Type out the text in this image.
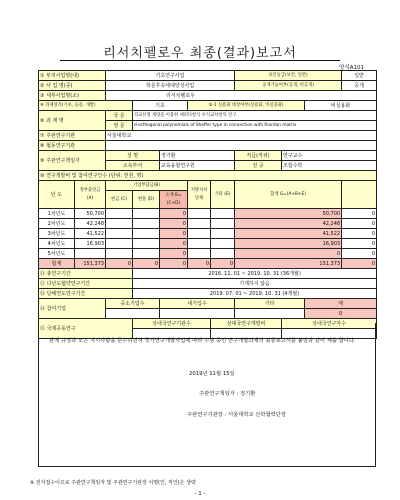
리서치펠로우 최종(결과)보고서
양식A101
① 부처사업명(대)		기초연구사업					보안등급(보안, 일반)			일반
② 사 업 명(중)		학문후속세대양성사업					공개가능여부(공개, 비공개)			공개
③ 세부사업명(소)		리서치펠로우								
④ 과제성격(기초, 응용, 개발)			기초		⑤-1 실용화 대상여부(실용화, 비실용화)				비실용화	
⑥ 과 제 명		국 문	직교선형 계량을 이용한 셰퍼다항식 수식교차항의 연구							
		영 문	d-orthogonal polynomials of Sheffer type in connection with Riordan matrix							
⑦ 주관연구기관		서울대학교								
⑧ 협동연구기관										
⑨ 주관연구책임자		성 명		정기환			직급(직위)	연구교수		
		소속부서		교육융합연구원			전 공	조합수학		
⑩ 연구개발비 및 참여연구인수 (단위: 천원, 명)										
년 도	정부출연금 (A)	기업부담금(B)			지방자치 단체	기타 (E)	합계 G=(A+B+E)			
		현금 (C)	현물 (D)	소계 B=(C+D)						
1차년도	50,700			0			50,700			0
2차년도	42,248			0			42,248			0
3차년도	41,522			0			41,522			0
4차년도	16,903			0			16,903			0
5차년도				0			0			0
합계	151,373	0	0	0	0	0	151,373			0
⑪ 총연구기간			2016. 11. 01 ~ 2019. 10. 31 (36개월)							
⑫ 다년도협약연구기간			기재하지 않음							
⑬ 당해연도연구기간			2019. 07. 01 ~ 2019. 10. 31 (4개월)							
⑭ 참여기업		중소기업수		대기업수			기타		계	
									0	
⑮ 국제공동연구			상대국연구기관수			상대국연구개발비		상대국연구자수		

관계 규정과 모든 지시사항을 준수하면서 국가연구개발사업에 따라 수행 중인 연구개발과제의 최종보고서를 붙임과 같이 제출 합니다.
2019년 11월 15일
주관연구책임자 : 정기환
주관연구기관장 : 서울대학교 산학협력단장
※ 전자접수이므로 주관연구책임자 및 주관연구기관장 서명(인, 직인)은 생략
- 1 -
